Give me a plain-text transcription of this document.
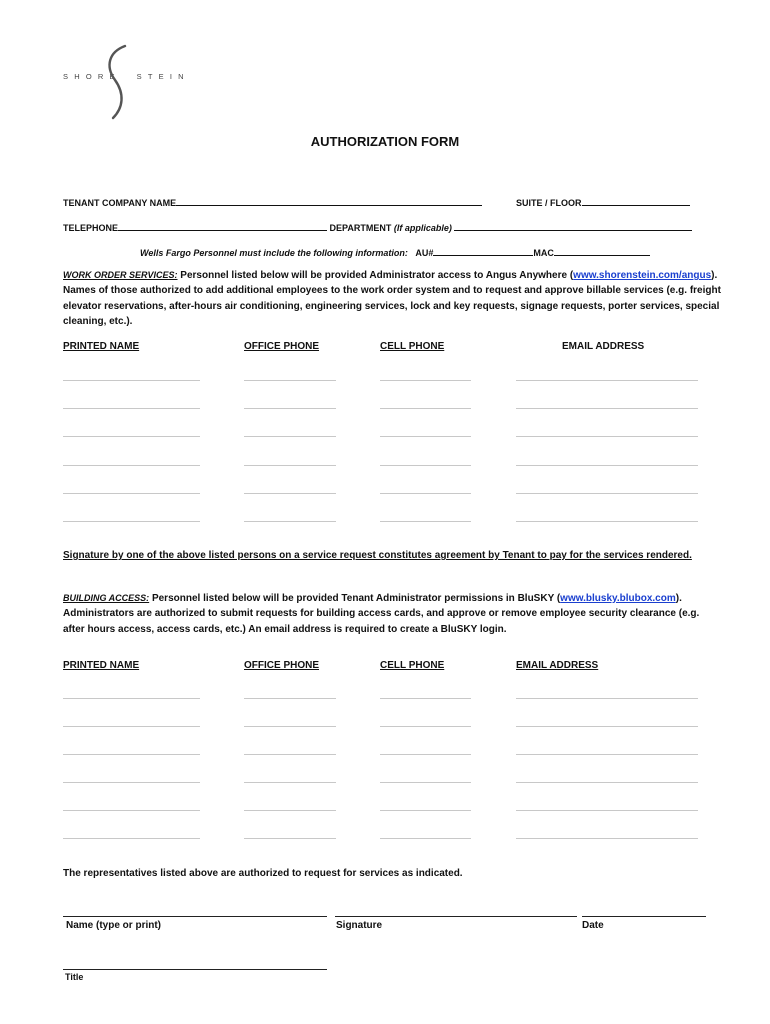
SHORE STEIN
AUTHORIZATION FORM
TENANT COMPANY NAME	SUITE / FLOOR
TELEPHONE	DEPARTMENT (If applicable)
Wells Fargo Personnel must include the following information: AU#	MAC
WORK ORDER SERVICES: Personnel listed below will be provided Administrator access to Angus Anywhere (www.shorenstein.com/angus). Names of those authorized to add additional employees to the work order system and to request and approve billable services (e.g. freight elevator reservations, after-hours air conditioning, engineering services, lock and key requests, signage requests, porter services, special cleaning, etc.).
PRINTED NAME	OFFICE PHONE	CELL PHONE	EMAIL ADDRESS
Signature by one of the above listed persons on a service request constitutes agreement by Tenant to pay for the services rendered.
BUILDING ACCESS: Personnel listed below will be provided Tenant Administrator permissions in BluSKY (www.blusky.blubox.com). Administrators are authorized to submit requests for building access cards, and approve or remove employee security clearance (e.g. after hours access, access cards, etc.) An email address is required to create a BluSKY login.
PRINTED NAME	OFFICE PHONE	CELL PHONE	EMAIL ADDRESS
The representatives listed above are authorized to request for services as indicated.
Name (type or print)	Signature	Date
Title
